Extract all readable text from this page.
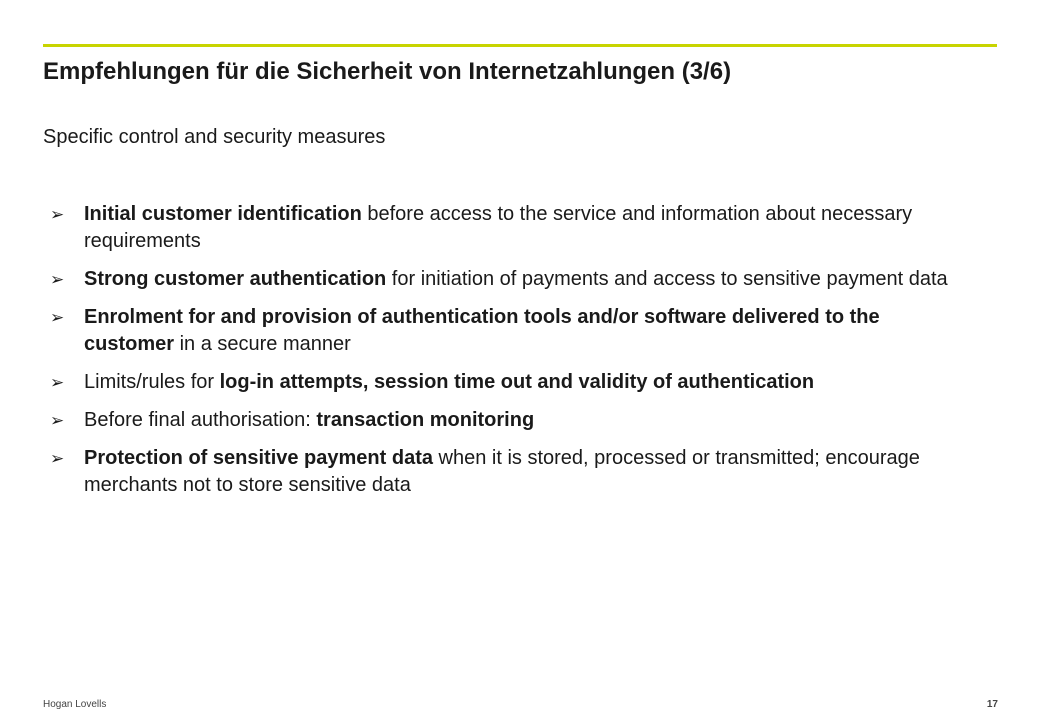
Empfehlungen für die Sicherheit von Internetzahlungen (3/6)

Specific control and security measures

➢ Initial customer identification before access to the service and information about necessary requirements
➢ Strong customer authentication for initiation of payments and access to sensitive payment data
➢ Enrolment for and provision of authentication tools and/or software delivered to the customer in a secure manner
➢ Limits/rules for log-in attempts, session time out and validity of authentication
➢ Before final authorisation: transaction monitoring
➢ Protection of sensitive payment data when it is stored, processed or transmitted; encourage merchants not to store sensitive data
Hogan Lovells	17
